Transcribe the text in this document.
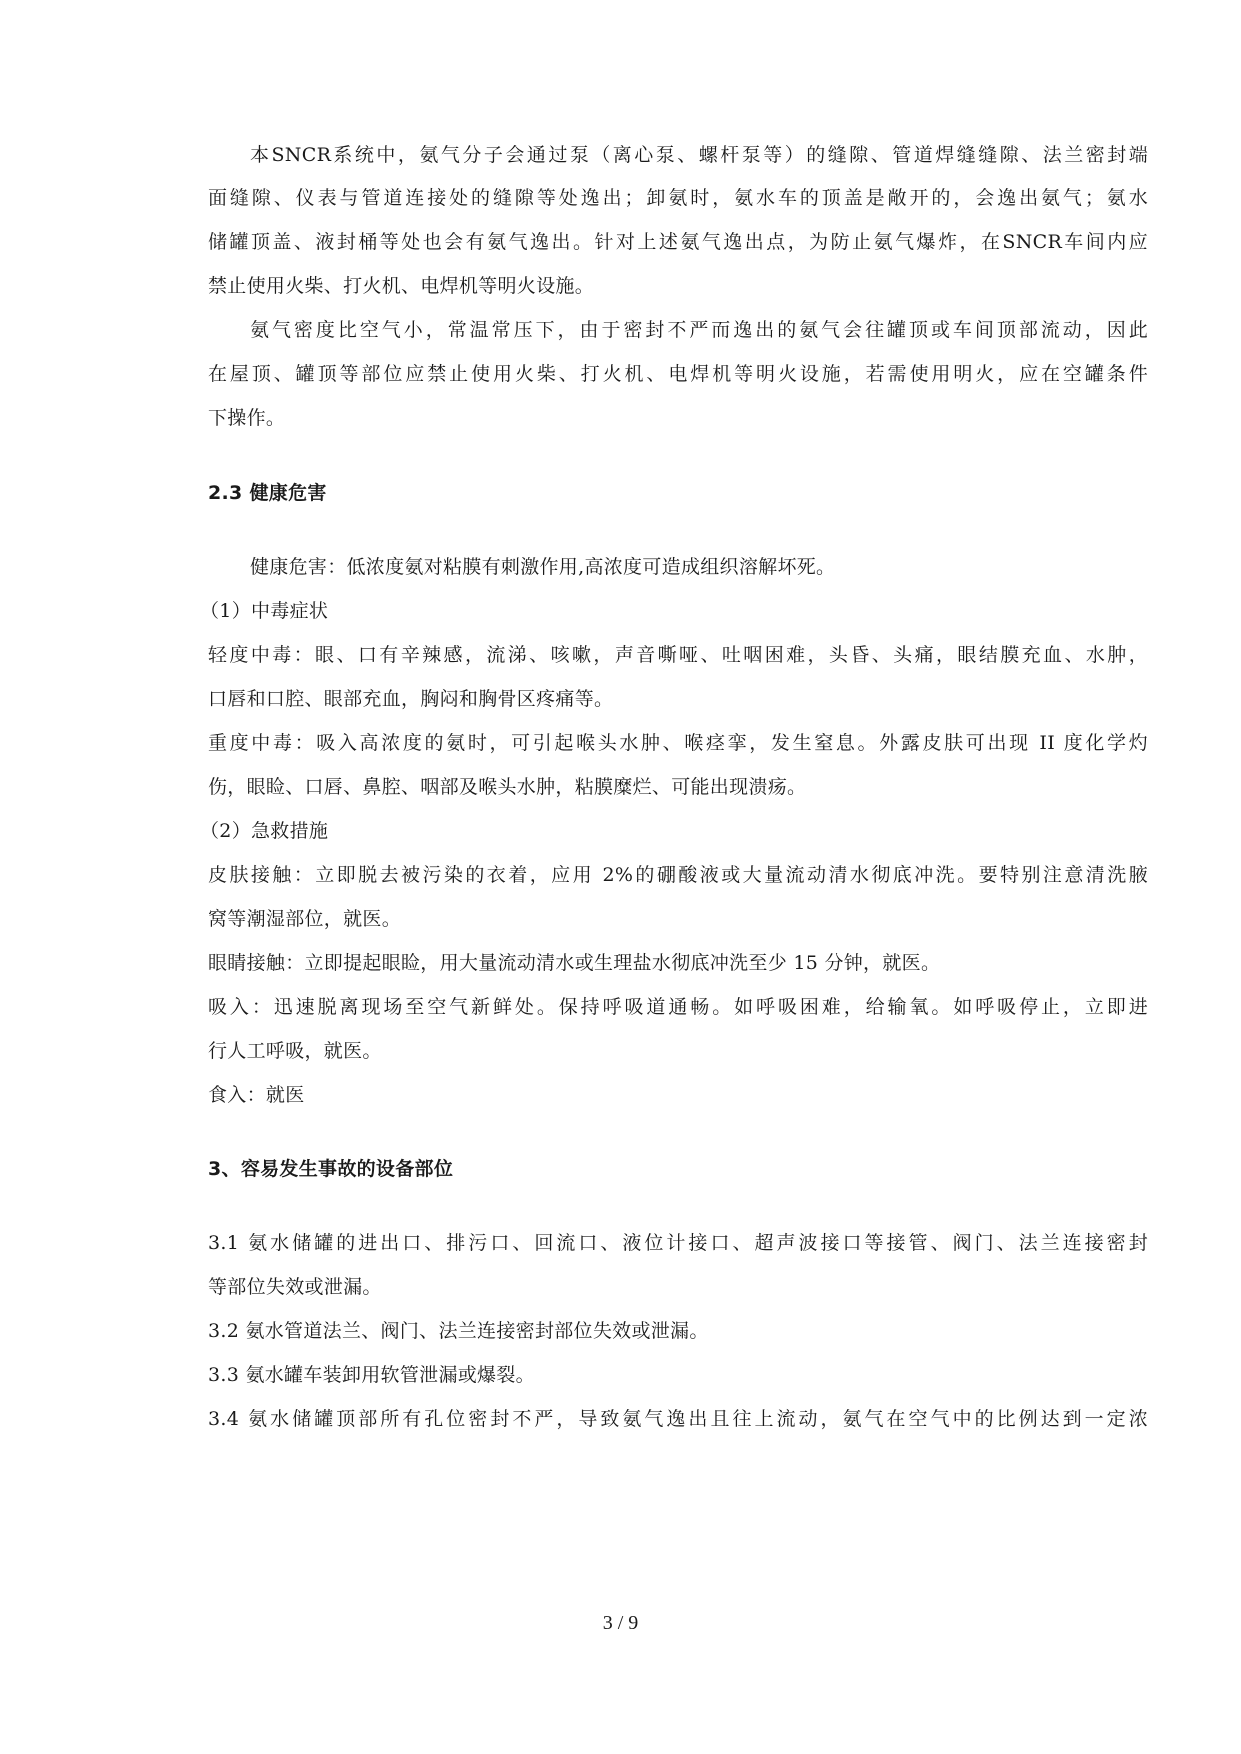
本SNCR系统中，氨气分子会通过泵（离心泵、螺杆泵等）的缝隙、管道焊缝缝隙、法兰密封端
面缝隙、仪表与管道连接处的缝隙等处逸出；卸氨时，氨水车的顶盖是敞开的，会逸出氨气；氨水
储罐顶盖、液封桶等处也会有氨气逸出。针对上述氨气逸出点，为防止氨气爆炸，在SNCR车间内应
禁止使用火柴、打火机、电焊机等明火设施。
氨气密度比空气小，常温常压下，由于密封不严而逸出的氨气会往罐顶或车间顶部流动，因此
在屋顶、罐顶等部位应禁止使用火柴、打火机、电焊机等明火设施，若需使用明火，应在空罐条件
下操作。
2.3 健康危害
健康危害：低浓度氨对粘膜有刺激作用,高浓度可造成组织溶解坏死。
（1）中毒症状
轻度中毒：眼、口有辛辣感，流涕、咳嗽，声音嘶哑、吐咽困难，头昏、头痛，眼结膜充血、水肿，
口唇和口腔、眼部充血，胸闷和胸骨区疼痛等。
重度中毒：吸入高浓度的氨时，可引起喉头水肿、喉痉挛，发生窒息。外露皮肤可出现 II 度化学灼
伤，眼睑、口唇、鼻腔、咽部及喉头水肿，粘膜糜烂、可能出现溃疡。
（2）急救措施
皮肤接触：立即脱去被污染的衣着，应用 2%的硼酸液或大量流动清水彻底冲洗。要特别注意清洗腋
窝等潮湿部位，就医。
眼睛接触：立即提起眼睑，用大量流动清水或生理盐水彻底冲洗至少 15 分钟，就医。
吸入：迅速脱离现场至空气新鲜处。保持呼吸道通畅。如呼吸困难，给输氧。如呼吸停止，立即进
行人工呼吸，就医。
食入：就医
3、容易发生事故的设备部位
3.1 氨水储罐的进出口、排污口、回流口、液位计接口、超声波接口等接管、阀门、法兰连接密封
等部位失效或泄漏。
3.2 氨水管道法兰、阀门、法兰连接密封部位失效或泄漏。
3.3 氨水罐车装卸用软管泄漏或爆裂。
3.4 氨水储罐顶部所有孔位密封不严，导致氨气逸出且往上流动，氨气在空气中的比例达到一定浓
3 / 9
